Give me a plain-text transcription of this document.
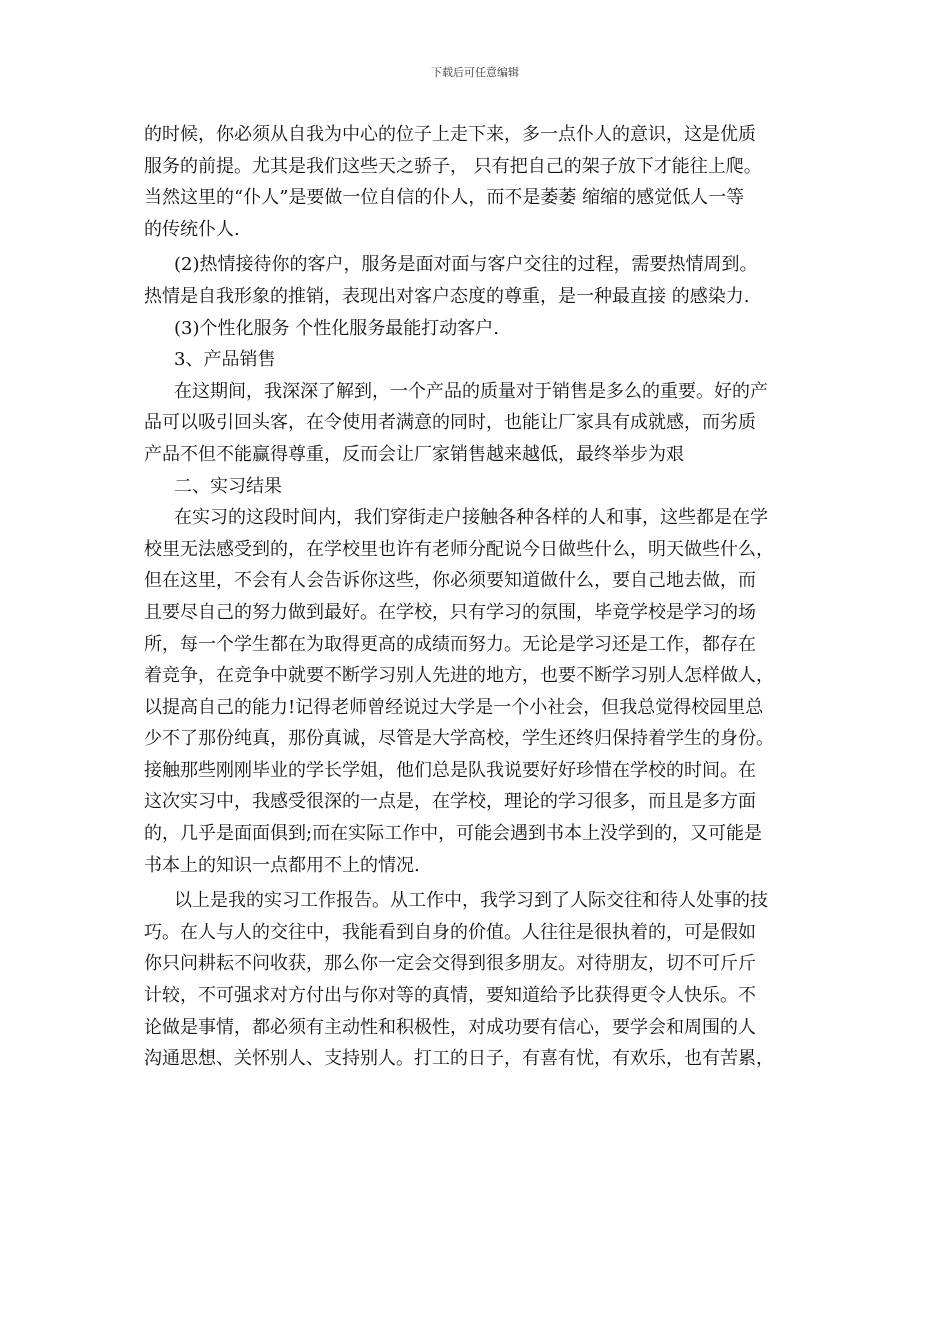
下载后可任意编辑
的时候，你必须从自我为中心的位子上走下来，多一点仆人的意识，这是优质
服务的前提。尤其是我们这些天之骄子， 只有把自己的架子放下才能往上爬。
当然这里的“仆人”是要做一位自信的仆人，而不是萎萎 缩缩的感觉低人一等
的传统仆人.
(2)热情接待你的客户，服务是面对面与客户交往的过程，需要热情周到。
热情是自我形象的推销，表现出对客户态度的尊重，是一种最直接 的感染力.
(3)个性化服务 个性化服务最能打动客户.
3、产品销售
在这期间，我深深了解到，一个产品的质量对于销售是多么的重要。好的产
品可以吸引回头客，在令使用者满意的同时，也能让厂家具有成就感，而劣质
产品不但不能赢得尊重，反而会让厂家销售越来越低，最终举步为艰
二、实习结果
在实习的这段时间内，我们穿街走户接触各种各样的人和事，这些都是在学
校里无法感受到的，在学校里也许有老师分配说今日做些什么，明天做些什么，
但在这里，不会有人会告诉你这些，你必须要知道做什么，要自己地去做，而
且要尽自己的努力做到最好。在学校，只有学习的氛围，毕竟学校是学习的场
所，每一个学生都在为取得更高的成绩而努力。无论是学习还是工作，都存在
着竞争，在竞争中就要不断学习别人先进的地方，也要不断学习别人怎样做人，
以提高自己的能力!记得老师曾经说过大学是一个小社会，但我总觉得校园里总
少不了那份纯真，那份真诚，尽管是大学高校，学生还终归保持着学生的身份。
接触那些刚刚毕业的学长学姐，他们总是队我说要好好珍惜在学校的时间。在
这次实习中，我感受很深的一点是，在学校，理论的学习很多，而且是多方面
的，几乎是面面俱到;而在实际工作中，可能会遇到书本上没学到的，又可能是
书本上的知识一点都用不上的情况.
以上是我的实习工作报告。从工作中，我学习到了人际交往和待人处事的技
巧。在人与人的交往中，我能看到自身的价值。人往往是很执着的，可是假如
你只问耕耘不问收获，那么你一定会交得到很多朋友。对待朋友，切不可斤斤
计较，不可强求对方付出与你对等的真情，要知道给予比获得更令人快乐。不
论做是事情，都必须有主动性和积极性，对成功要有信心，要学会和周围的人
沟通思想、关怀别人、支持别人。打工的日子，有喜有忧，有欢乐，也有苦累，
